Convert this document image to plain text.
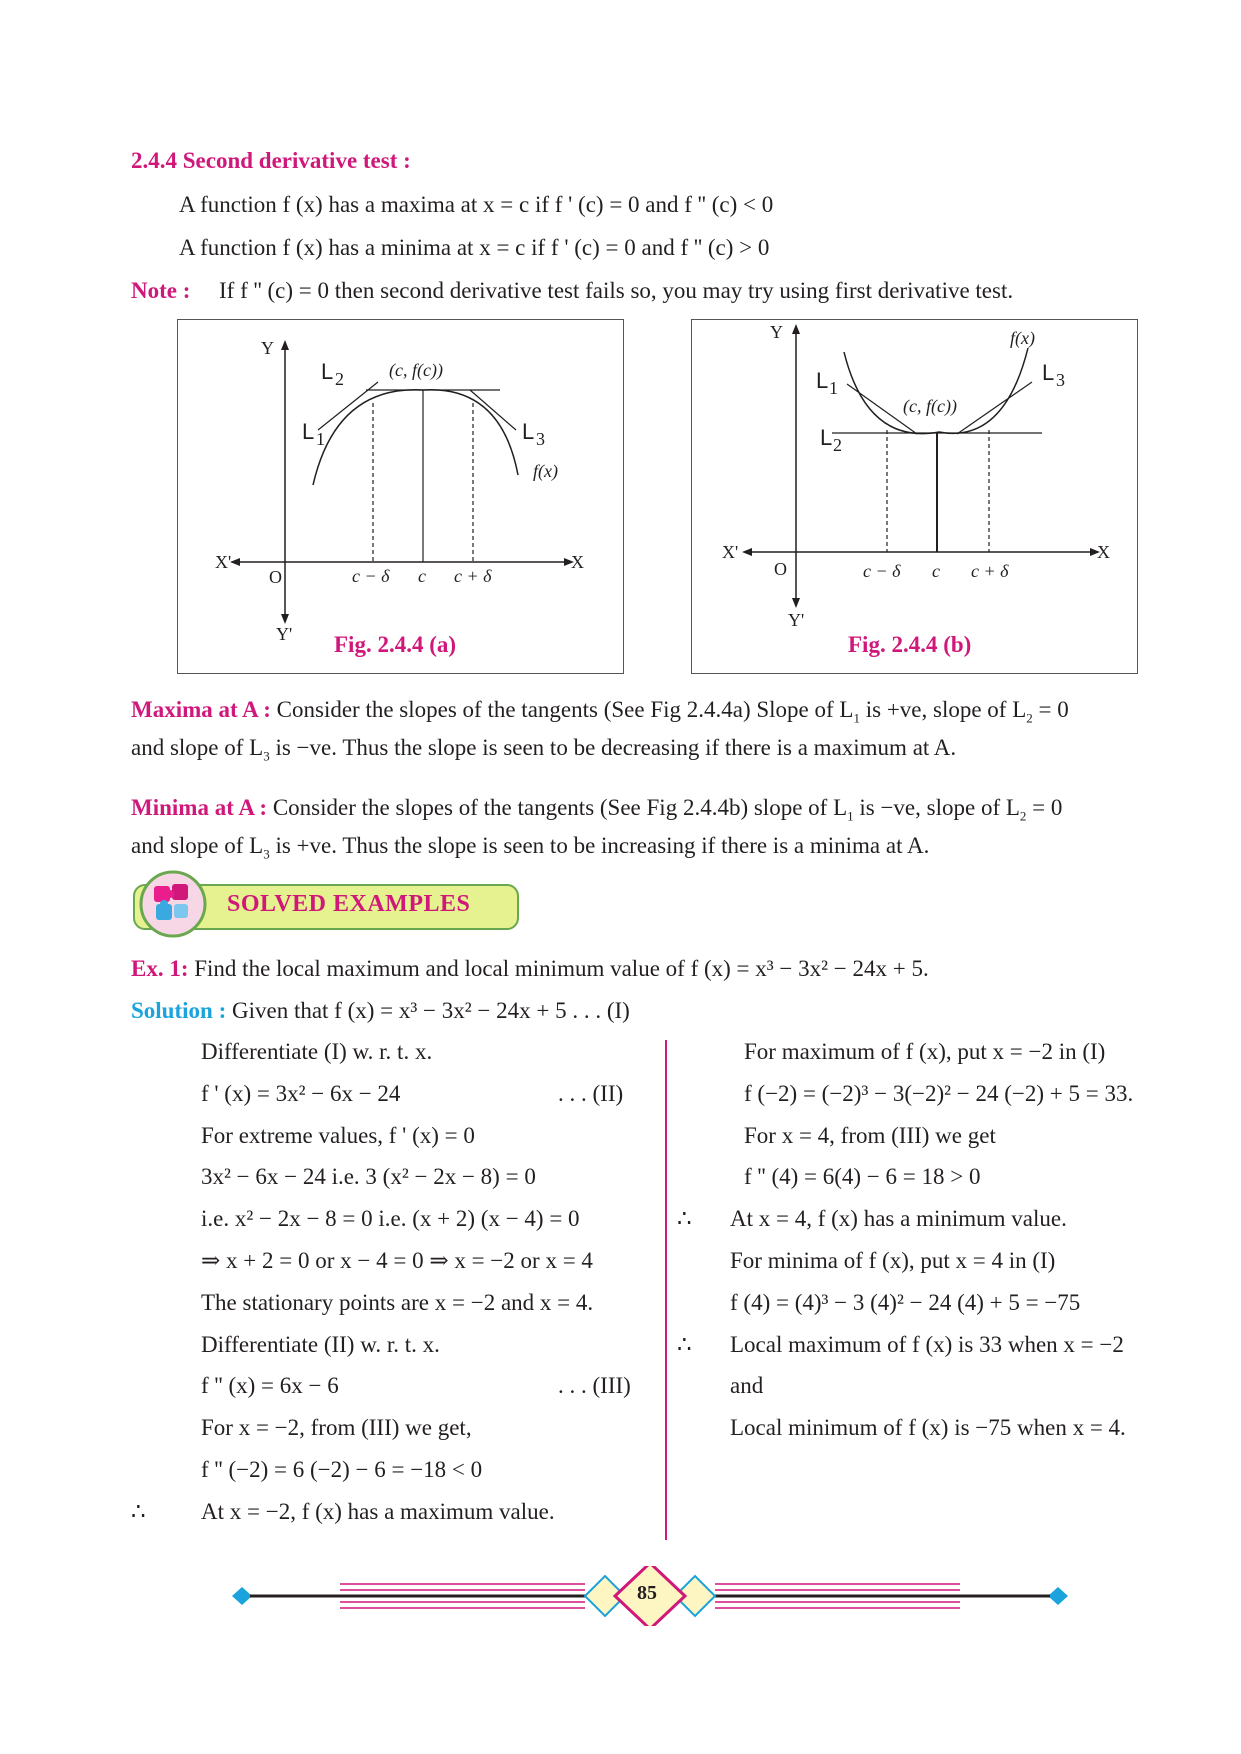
2.4.4 Second derivative test :
A function f (x) has a maxima at x = c if f ' (c) = 0 and f '' (c) < 0
A function f (x) has a minima at x = c if f ' (c) = 0 and f '' (c) > 0
Note : If f '' (c) = 0 then second derivative test fails so, you may try using first derivative test.
Y
Y'
X
X'
O
(c, f(c))
f(x)
L 2
L 1	L 3
c − δ c c + δ
Fig. 2.4.4 (a)
Y
Y'
X
X'
O
(c, f(c))
f(x)
L 1
L 2
L 3
c − δ c c + δ
Fig. 2.4.4 (b)
Maxima at A : Consider the slopes of the tangents (See Fig 2.4.4a) Slope of $L_1$ is +ve, slope of $L_2 = 0$
and slope of $L_3$ is −ve. Thus the slope is seen to be decreasing if there is a maximum at A.
Minima at A : Consider the slopes of the tangents (See Fig 2.4.4b) slope of $L_1$ is −ve, slope of $L_2 = 0$
and slope of $L_3$ is +ve. Thus the slope is seen to be increasing if there is a minima at A.
SOLVED EXAMPLES
Ex. 1: Find the local maximum and local minimum value of f (x) = x³ − 3x² − 24x + 5.
Solution : Given that f (x) = x³ − 3x² − 24x + 5 . . . (I)
Differentiate (I) w. r. t. x.
f ' (x) = 3x² − 6x − 24	. . . (II)
For extreme values, f ' (x) = 0
3x² − 6x − 24 i.e. 3 (x² − 2x − 8) = 0
i.e. x² − 2x − 8 = 0 i.e. (x + 2) (x − 4) = 0
⇒ x + 2 = 0 or x − 4 = 0 ⇒ x = −2 or x = 4
The stationary points are x = −2 and x = 4.
Differentiate (II) w. r. t. x.
f '' (x) = 6x − 6	. . . (III)
For x = −2, from (III) we get,
f '' (−2) = 6 (−2) − 6 = −18 < 0
∴ At x = −2, f (x) has a maximum value.
For maximum of f (x), put x = −2 in (I)
f (−2) = (−2)³ − 3(−2)² − 24 (−2) + 5 = 33.
For x = 4, from (III) we get
f '' (4) = 6(4) − 6 = 18 > 0
∴ At x = 4, f (x) has a minimum value.
For minima of f (x), put x = 4 in (I)
f (4) = (4)³ − 3 (4)² − 24 (4) + 5 = −75
∴ Local maximum of f (x) is 33 when x = −2
and
Local minimum of f (x) is −75 when x = 4.
85
